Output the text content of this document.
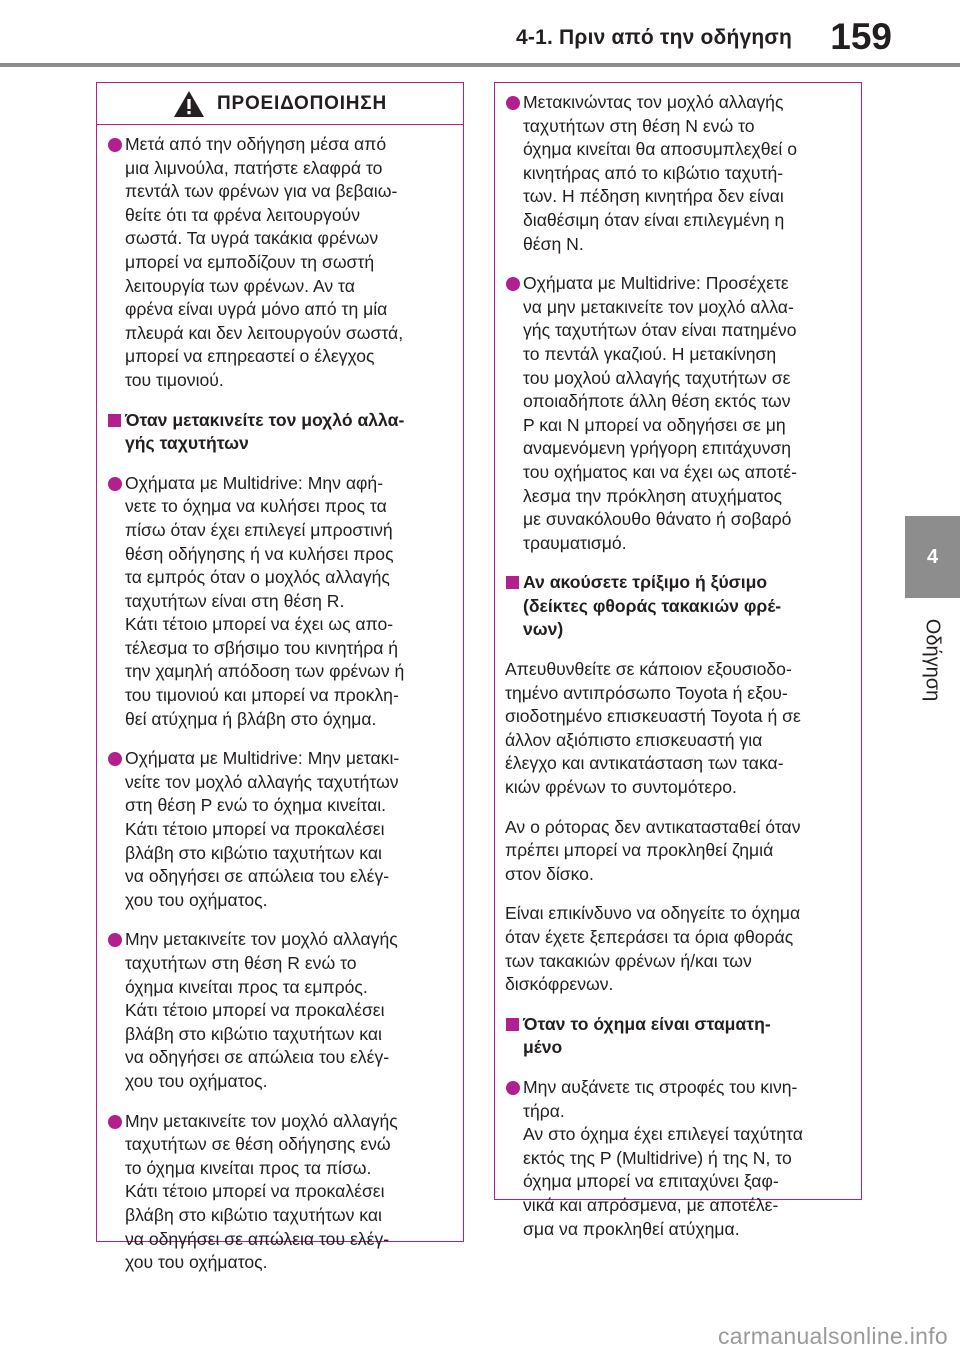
4-1. Πριν από την οδήγηση 159
4
Οδήγηση
ΠΡΟΕΙΔΟΠΟΙΗΣΗ
Μετά από την οδήγηση μέσα από
μια λιμνούλα, πατήστε ελαφρά το
πεντάλ των φρένων για να βεβαιω-
θείτε ότι τα φρένα λειτουργούν
σωστά. Τα υγρά τακάκια φρένων
μπορεί να εμποδίζουν τη σωστή
λειτουργία των φρένων. Αν τα
φρένα είναι υγρά μόνο από τη μία
πλευρά και δεν λειτουργούν σωστά,
μπορεί να επηρεαστεί ο έλεγχος
του τιμονιού.
Όταν μετακινείτε τον μοχλό αλλα-
γής ταχυτήτων
Οχήματα με Multidrive: Μην αφή-
νετε το όχημα να κυλήσει προς τα
πίσω όταν έχει επιλεγεί μπροστινή
θέση οδήγησης ή να κυλήσει προς
τα εμπρός όταν ο μοχλός αλλαγής
ταχυτήτων είναι στη θέση R.
Κάτι τέτοιο μπορεί να έχει ως απο-
τέλεσμα το σβήσιμο του κινητήρα ή
την χαμηλή απόδοση των φρένων ή
του τιμονιού και μπορεί να προκλη-
θεί ατύχημα ή βλάβη στο όχημα.
Οχήματα με Multidrive: Μην μετακι-
νείτε τον μοχλό αλλαγής ταχυτήτων
στη θέση P ενώ το όχημα κινείται.
Κάτι τέτοιο μπορεί να προκαλέσει
βλάβη στο κιβώτιο ταχυτήτων και
να οδηγήσει σε απώλεια του ελέγ-
χου του οχήματος.
Μην μετακινείτε τον μοχλό αλλαγής
ταχυτήτων στη θέση R ενώ το
όχημα κινείται προς τα εμπρός.
Κάτι τέτοιο μπορεί να προκαλέσει
βλάβη στο κιβώτιο ταχυτήτων και
να οδηγήσει σε απώλεια του ελέγ-
χου του οχήματος.
Μην μετακινείτε τον μοχλό αλλαγής
ταχυτήτων σε θέση οδήγησης ενώ
το όχημα κινείται προς τα πίσω.
Κάτι τέτοιο μπορεί να προκαλέσει
βλάβη στο κιβώτιο ταχυτήτων και
να οδηγήσει σε απώλεια του ελέγ-
χου του οχήματος.
Μετακινώντας τον μοχλό αλλαγής
ταχυτήτων στη θέση N ενώ το
όχημα κινείται θα αποσυμπλεχθεί ο
κινητήρας από το κιβώτιο ταχυτή-
των. Η πέδηση κινητήρα δεν είναι
διαθέσιμη όταν είναι επιλεγμένη η
θέση N.
Οχήματα με Multidrive: Προσέχετε
να μην μετακινείτε τον μοχλό αλλα-
γής ταχυτήτων όταν είναι πατημένο
το πεντάλ γκαζιού. Η μετακίνηση
του μοχλού αλλαγής ταχυτήτων σε
οποιαδήποτε άλλη θέση εκτός των
P και N μπορεί να οδηγήσει σε μη
αναμενόμενη γρήγορη επιτάχυνση
του οχήματος και να έχει ως αποτέ-
λεσμα την πρόκληση ατυχήματος
με συνακόλουθο θάνατο ή σοβαρό
τραυματισμό.
Αν ακούσετε τρίξιμο ή ξύσιμο
(δείκτες φθοράς τακακιών φρέ-
νων)
Απευθυνθείτε σε κάποιον εξουσιοδο-
τημένο αντιπρόσωπο Toyota ή εξου-
σιοδοτημένο επισκευαστή Toyota ή σε
άλλον αξιόπιστο επισκευαστή για
έλεγχο και αντικατάσταση των τακα-
κιών φρένων το συντομότερο.
Αν ο ρότορας δεν αντικατασταθεί όταν
πρέπει μπορεί να προκληθεί ζημιά
στον δίσκο.
Είναι επικίνδυνο να οδηγείτε το όχημα
όταν έχετε ξεπεράσει τα όρια φθοράς
των τακακιών φρένων ή/και των
δισκόφρενων.
Όταν το όχημα είναι σταματη-
μένο
Μην αυξάνετε τις στροφές του κινη-
τήρα.
Αν στο όχημα έχει επιλεγεί ταχύτητα
εκτός της P (Multidrive) ή της N, το
όχημα μπορεί να επιταχύνει ξαφ-
νικά και απρόσμενα, με αποτέλε-
σμα να προκληθεί ατύχημα.
carmanualsonline.info
